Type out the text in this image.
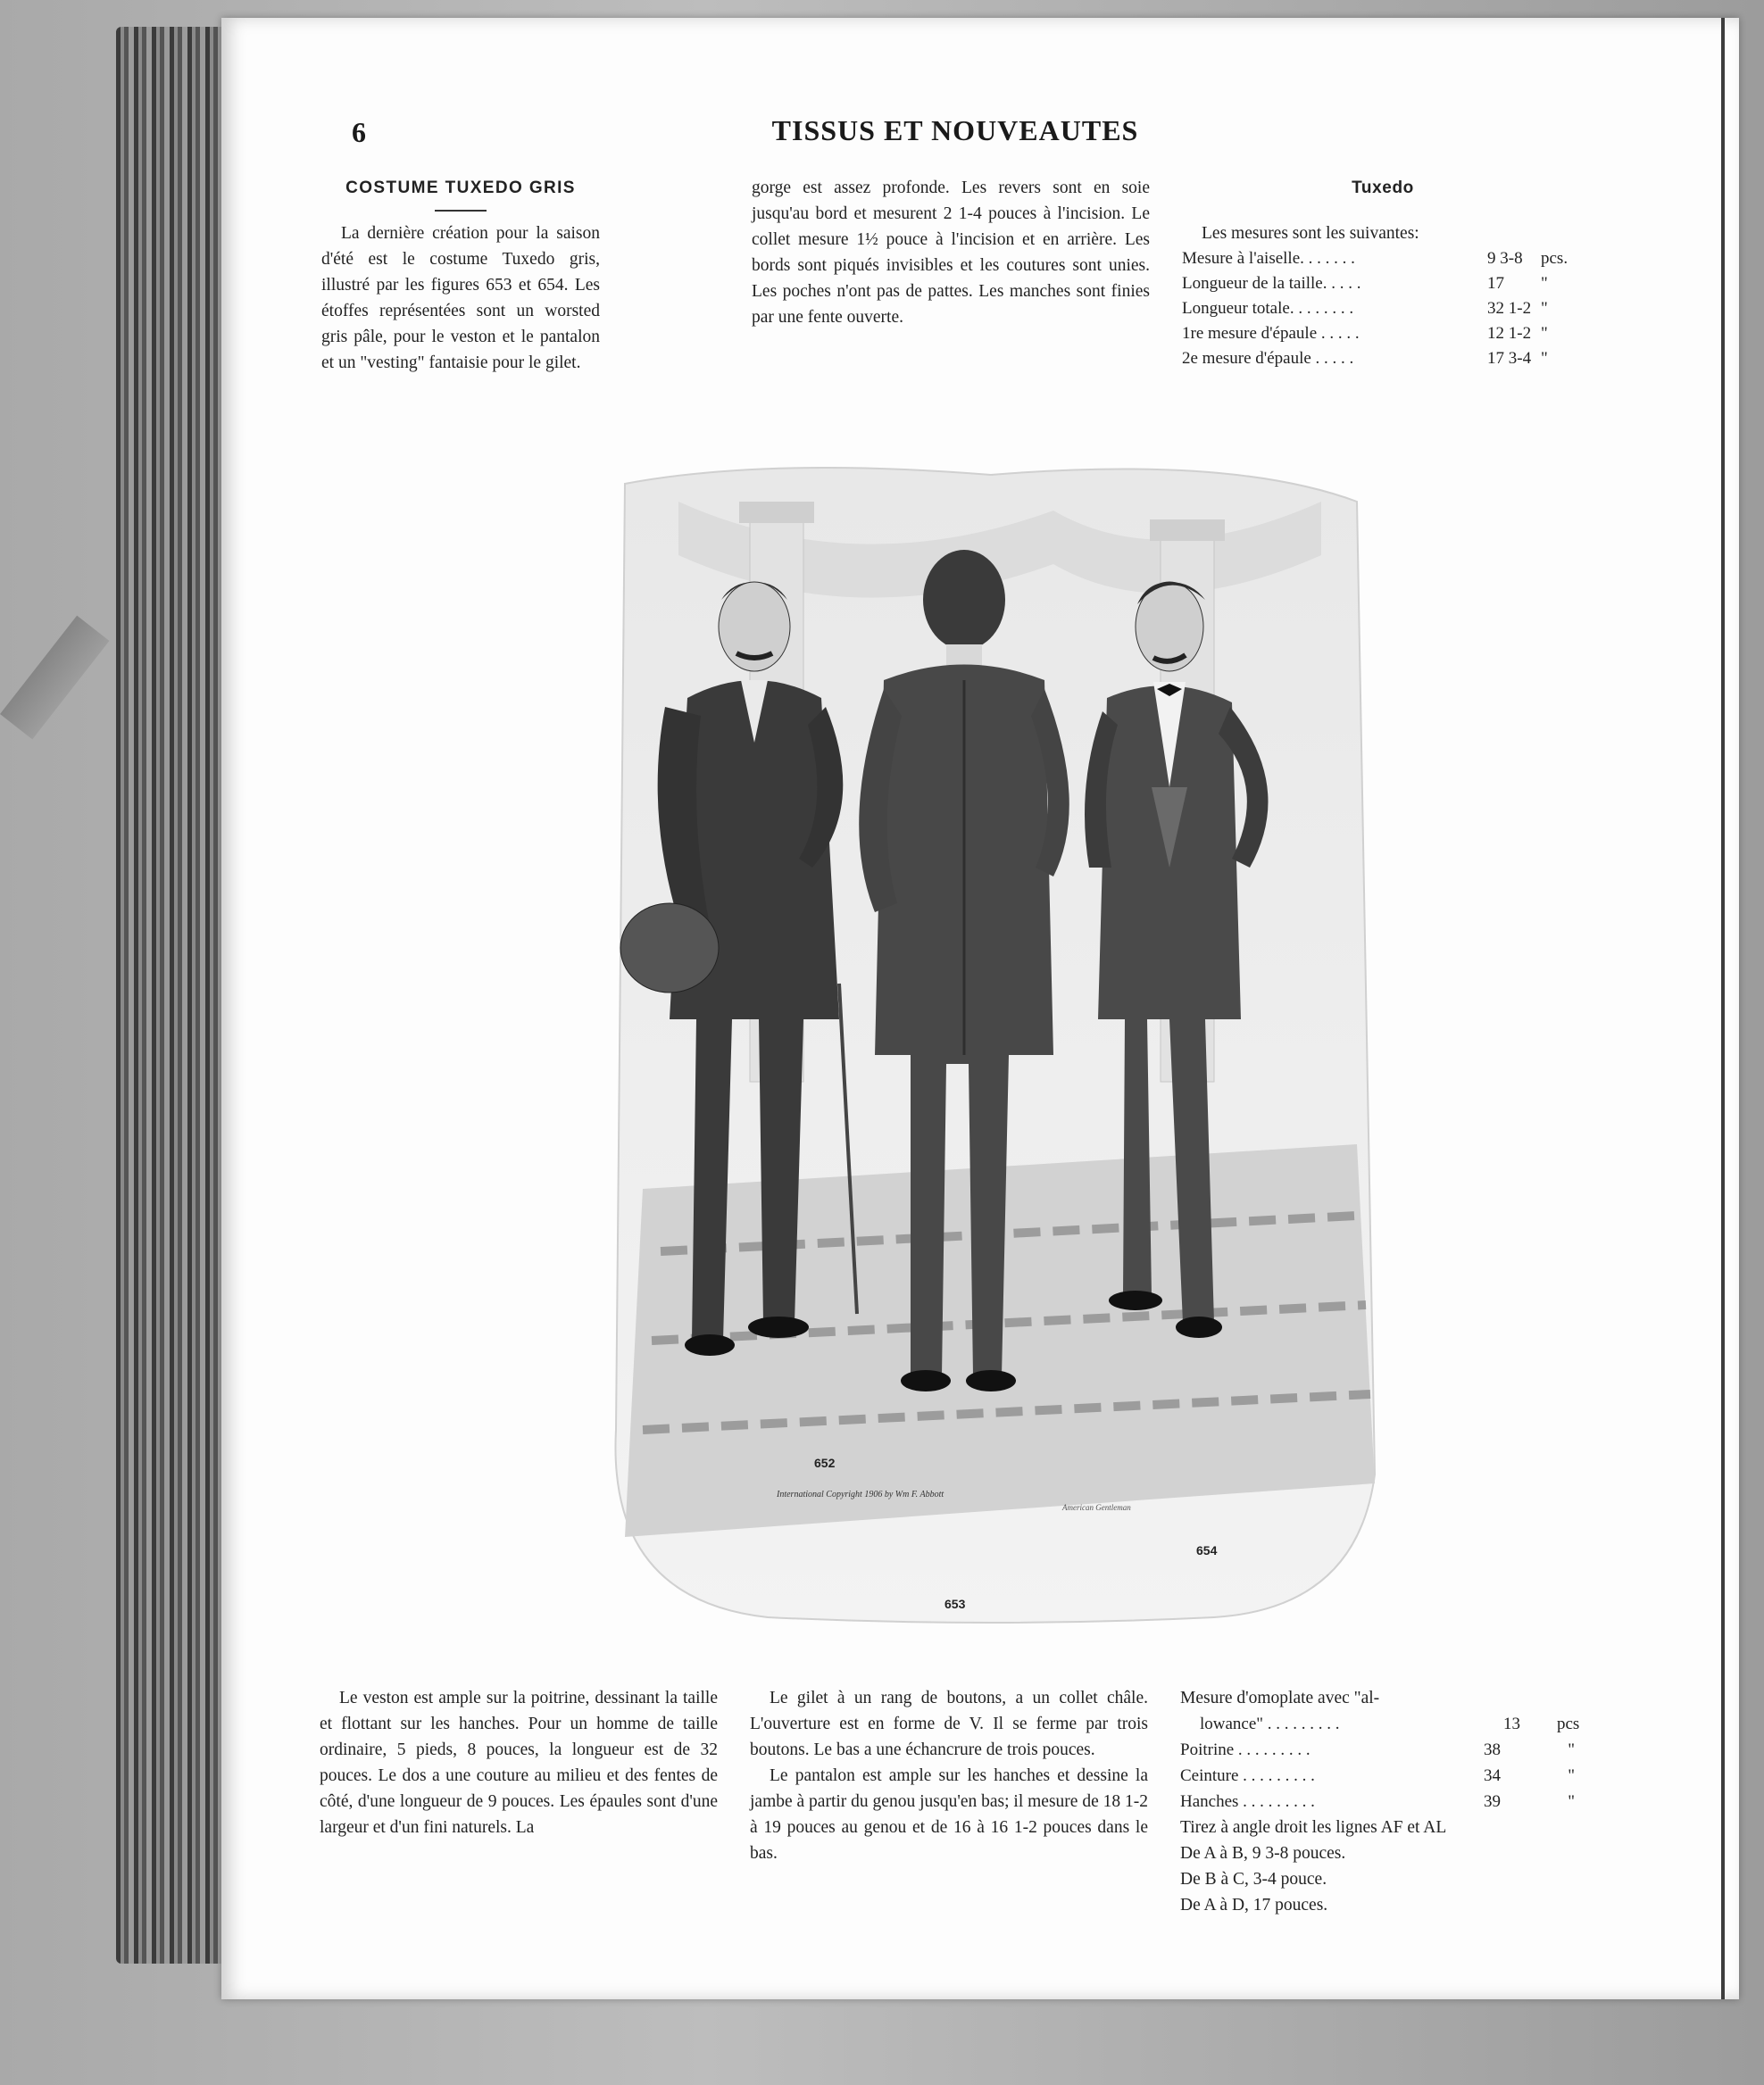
6	TISSUS ET NOUVEAUTES
COSTUME TUXEDO GRIS

La dernière création pour la saison d'été est le costume Tuxedo gris, illustré par les figures 653 et 654. Les étoffes représentées sont un worsted gris pâle, pour le veston et le pantalon et un "vesting" fantaisie pour le gilet.

gorge est assez profonde. Les revers sont en soie jusqu'au bord et mesurent 2 1-4 pouces à l'incision. Le collet mesure 1½ pouce à l'incision et en arrière. Les bords sont piqués invisibles et les coutures sont unies. Les poches n'ont pas de pattes. Les manches sont finies par une fente ouverte.

Tuxedo

Les mesures sont les suivantes:

Mesure à l'aiselle. . . . . . .	9 3-8	pcs.
Longueur de la taille. . . . .	17	"
Longueur totale. . . . . . . .	32 1-2 "
1re mesure d'épaule . . . . .	12 1-2 "
2e mesure d'épaule . . . . .	17 3-4 "
652
653
654
International Copyright 1906 by Wm F. Abbott
American Gentleman

Le veston est ample sur la poitrine, dessinant la taille et flottant sur les hanches. Pour un homme de taille ordinaire, 5 pieds, 8 pouces, la longueur est de 32 pouces. Le dos a une couture au milieu et des fentes de côté, d'une longueur de 9 pouces. Les épaules sont d'une largeur et d'un fini naturels. La

Le gilet à un rang de boutons, a un collet châle. L'ouverture est en forme de V. Il se ferme par trois boutons. Le bas a une échancrure de trois pouces.

Le pantalon est ample sur les hanches et dessine la jambe à partir du genou jusqu'en bas; il mesure de 18 1-2 à 19 pouces au genou et de 16 à 16 1-2 pouces dans le bas.

Mesure d'omoplate avec "al-

lowance" . . . . . . . . .	13	pcs
Poitrine . . . . . . . . .	38	"
Ceinture . . . . . . . . .	34	"
Hanches . . . . . . . . .	39	"

Tirez à angle droit les lignes AF et AL

De A à B, 9 3-8 pouces.

De B à C, 3-4 pouce.

De A à D, 17 pouces.
